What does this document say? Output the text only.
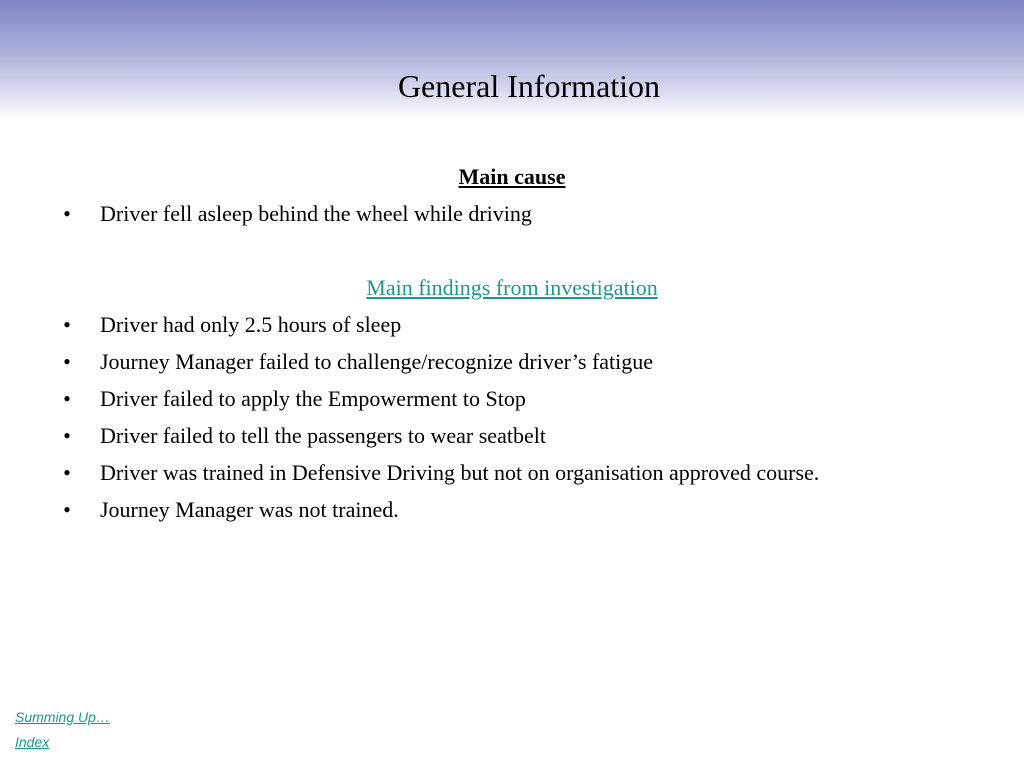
General Information

Main cause

• Driver fell asleep behind the wheel while driving

Main findings from investigation

• Driver had only 2.5 hours of sleep
• Journey Manager failed to challenge/recognize driver’s fatigue
• Driver failed to apply the Empowerment to Stop
• Driver failed to tell the passengers to wear seatbelt
• Driver was trained in Defensive Driving but not on organisation approved course.
• Journey Manager was not trained.
Summing Up…
Index
